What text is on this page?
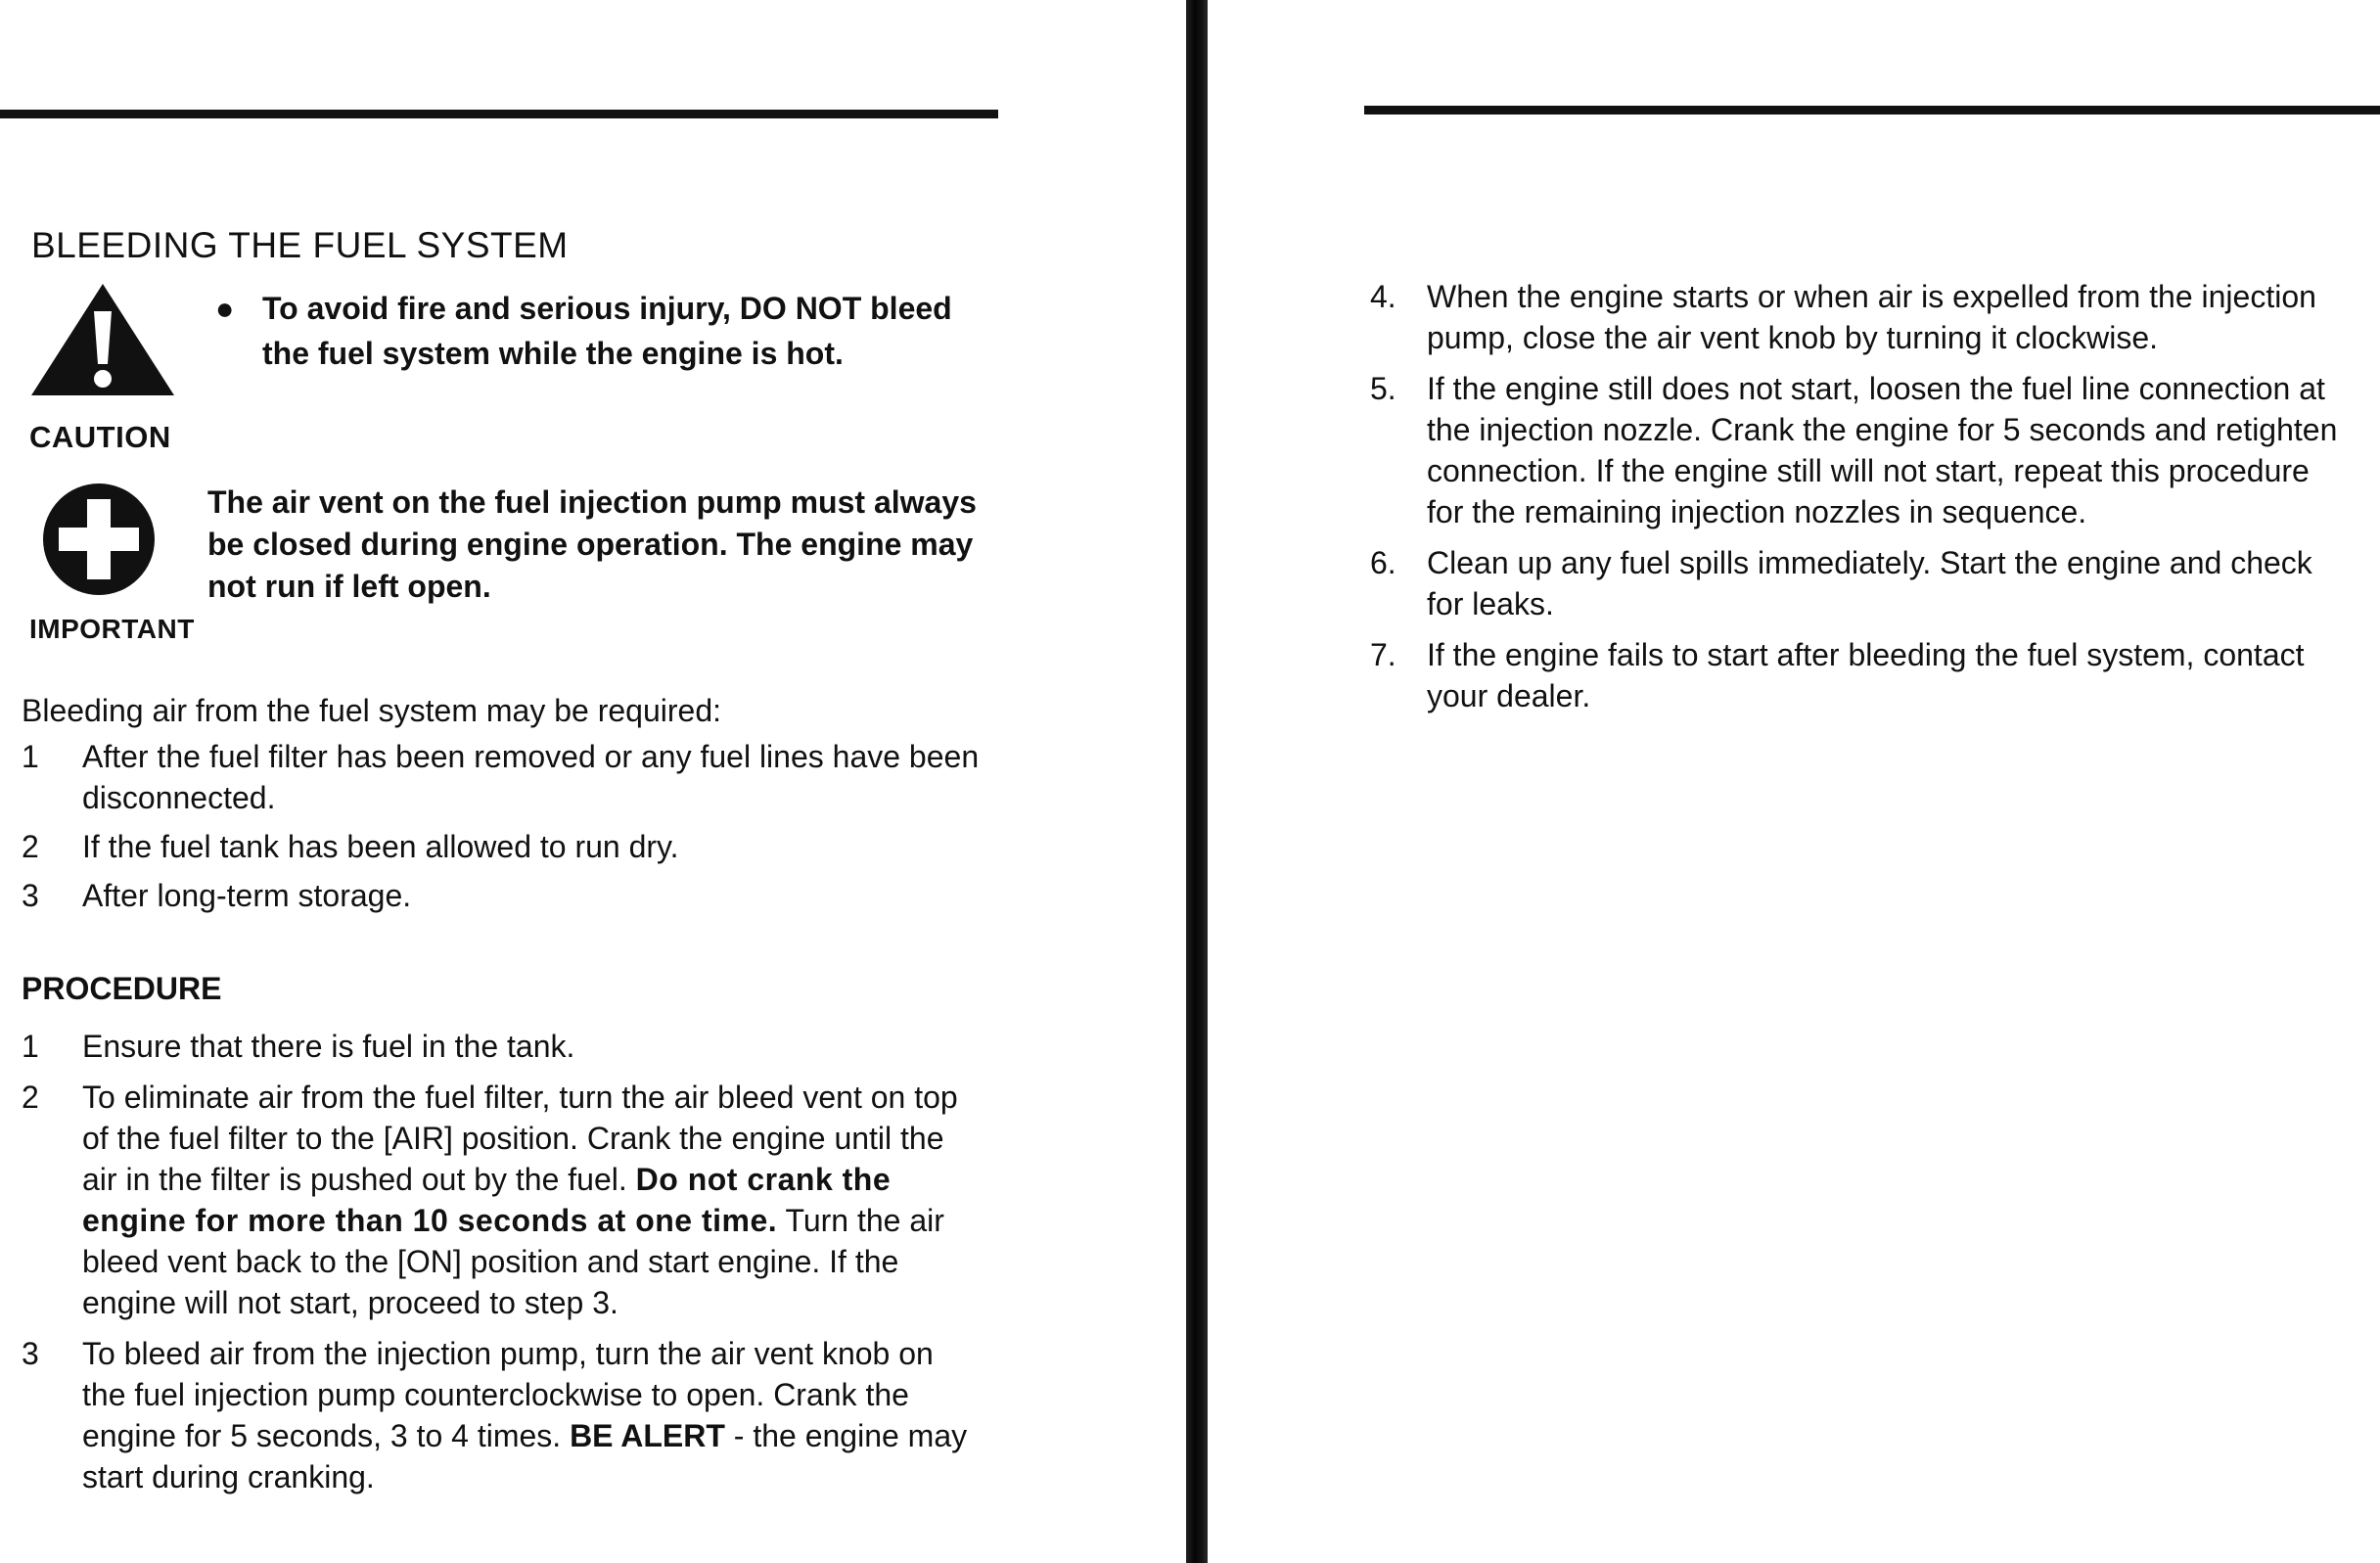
BLEEDING THE FUEL SYSTEM
CAUTION
● To avoid fire and serious injury, DO NOT bleed the fuel system while the engine is hot.
IMPORTANT
The air vent on the fuel injection pump must always be closed during engine operation. The engine may not run if left open.
Bleeding air from the fuel system may be required:
1 After the fuel filter has been removed or any fuel lines have been disconnected.
2 If the fuel tank has been allowed to run dry.
3 After long-term storage.
PROCEDURE
1 Ensure that there is fuel in the tank.
2 To eliminate air from the fuel filter, turn the air bleed vent on top of the fuel filter to the [AIR] position. Crank the engine until the air in the filter is pushed out by the fuel. Do not crank the engine for more than 10 seconds at one time. Turn the air bleed vent back to the [ON] position and start engine. If the engine will not start, proceed to step 3.
3 To bleed air from the injection pump, turn the air vent knob on the fuel injection pump counterclockwise to open. Crank the engine for 5 seconds, 3 to 4 times. BE ALERT - the engine may start during cranking.
4. When the engine starts or when air is expelled from the injection pump, close the air vent knob by turning it clockwise.
5. If the engine still does not start, loosen the fuel line connection at the injection nozzle. Crank the engine for 5 seconds and retighten connection. If the engine still will not start, repeat this procedure for the remaining injection nozzles in sequence.
6. Clean up any fuel spills immediately. Start the engine and check for leaks.
7. If the engine fails to start after bleeding the fuel system, contact your dealer.
